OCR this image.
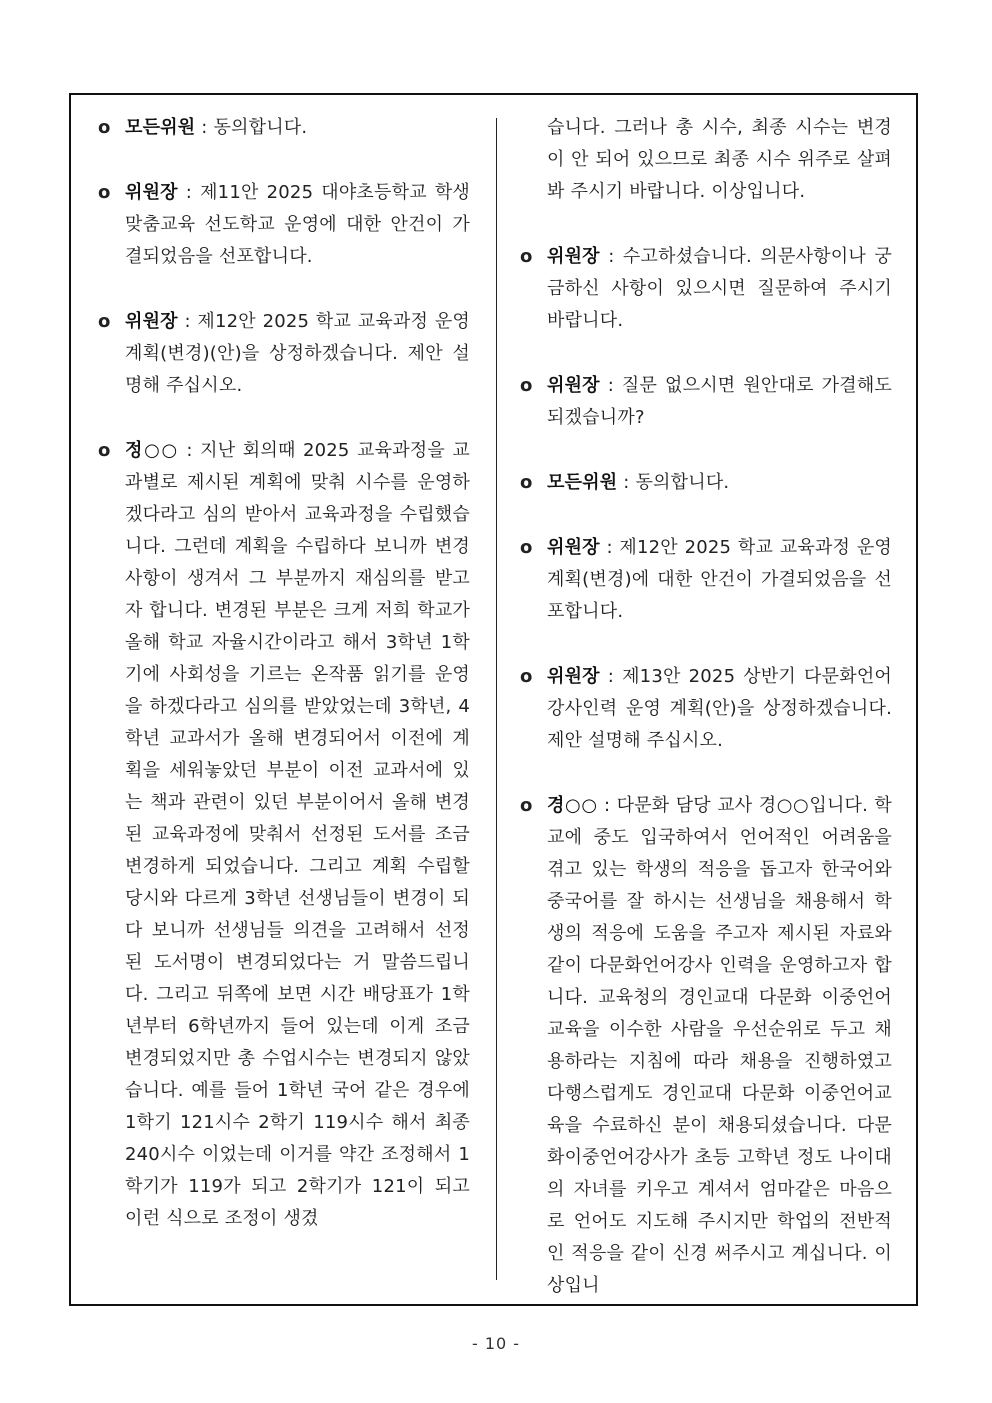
o 모든위원 : 동의합니다.
o 위원장 : 제11안 2025 대야초등학교 학생맞춤교육 선도학교 운영에 대한 안건이 가결되었음을 선포합니다.
o 위원장 : 제12안 2025 학교 교육과정 운영 계획(변경)(안)을 상정하겠습니다. 제안 설명해 주십시오.
o 정○○ : 지난 회의때 2025 교육과정을 교과별로 제시된 계획에 맞춰 시수를 운영하겠다라고 심의 받아서 교육과정을 수립했습니다. 그런데 계획을 수립하다 보니까 변경 사항이 생겨서 그 부분까지 재심의를 받고자 합니다. 변경된 부분은 크게 저희 학교가 올해 학교 자율시간이라고 해서 3학년 1학기에 사회성을 기르는 온작품 읽기를 운영을 하겠다라고 심의를 받았었는데 3학년, 4학년 교과서가 올해 변경되어서 이전에 계획을 세워놓았던 부분이 이전 교과서에 있는 책과 관련이 있던 부분이어서 올해 변경된 교육과정에 맞춰서 선정된 도서를 조금 변경하게 되었습니다. 그리고 계획 수립할 당시와 다르게 3학년 선생님들이 변경이 되다 보니까 선생님들 의견을 고려해서 선정된 도서명이 변경되었다는 거 말씀드립니다. 그리고 뒤쪽에 보면 시간 배당표가 1학년부터 6학년까지 들어 있는데 이게 조금 변경되었지만 총 수업시수는 변경되지 않았습니다. 예를 들어 1학년 국어 같은 경우에 1학기 121시수 2학기 119시수 해서 최종 240시수 이었는데 이거를 약간 조정해서 1학기가 119가 되고 2학기가 121이 되고 이런 식으로 조정이 생겼
습니다. 그러나 총 시수, 최종 시수는 변경이 안 되어 있으므로 최종 시수 위주로 살펴봐 주시기 바랍니다. 이상입니다.
o 위원장 : 수고하셨습니다. 의문사항이나 궁금하신 사항이 있으시면 질문하여 주시기 바랍니다.
o 위원장 : 질문 없으시면 원안대로 가결해도 되겠습니까?
o 모든위원 : 동의합니다.
o 위원장 : 제12안 2025 학교 교육과정 운영 계획(변경)에 대한 안건이 가결되었음을 선포합니다.
o 위원장 : 제13안 2025 상반기 다문화언어 강사인력 운영 계획(안)을 상정하겠습니다. 제안 설명해 주십시오.
o 경○○ : 다문화 담당 교사 경○○입니다. 학교에 중도 입국하여서 언어적인 어려움을 겪고 있는 학생의 적응을 돕고자 한국어와 중국어를 잘 하시는 선생님을 채용해서 학생의 적응에 도움을 주고자 제시된 자료와 같이 다문화언어강사 인력을 운영하고자 합니다. 교육청의 경인교대 다문화 이중언어 교육을 이수한 사람을 우선순위로 두고 채용하라는 지침에 따라 채용을 진행하였고 다행스럽게도 경인교대 다문화 이중언어교육을 수료하신 분이 채용되셨습니다. 다문화이중언어강사가 초등 고학년 정도 나이대의 자녀를 키우고 계셔서 엄마같은 마음으로 언어도 지도해 주시지만 학업의 전반적인 적응을 같이 신경 써주시고 계십니다. 이상입니
- 10 -
